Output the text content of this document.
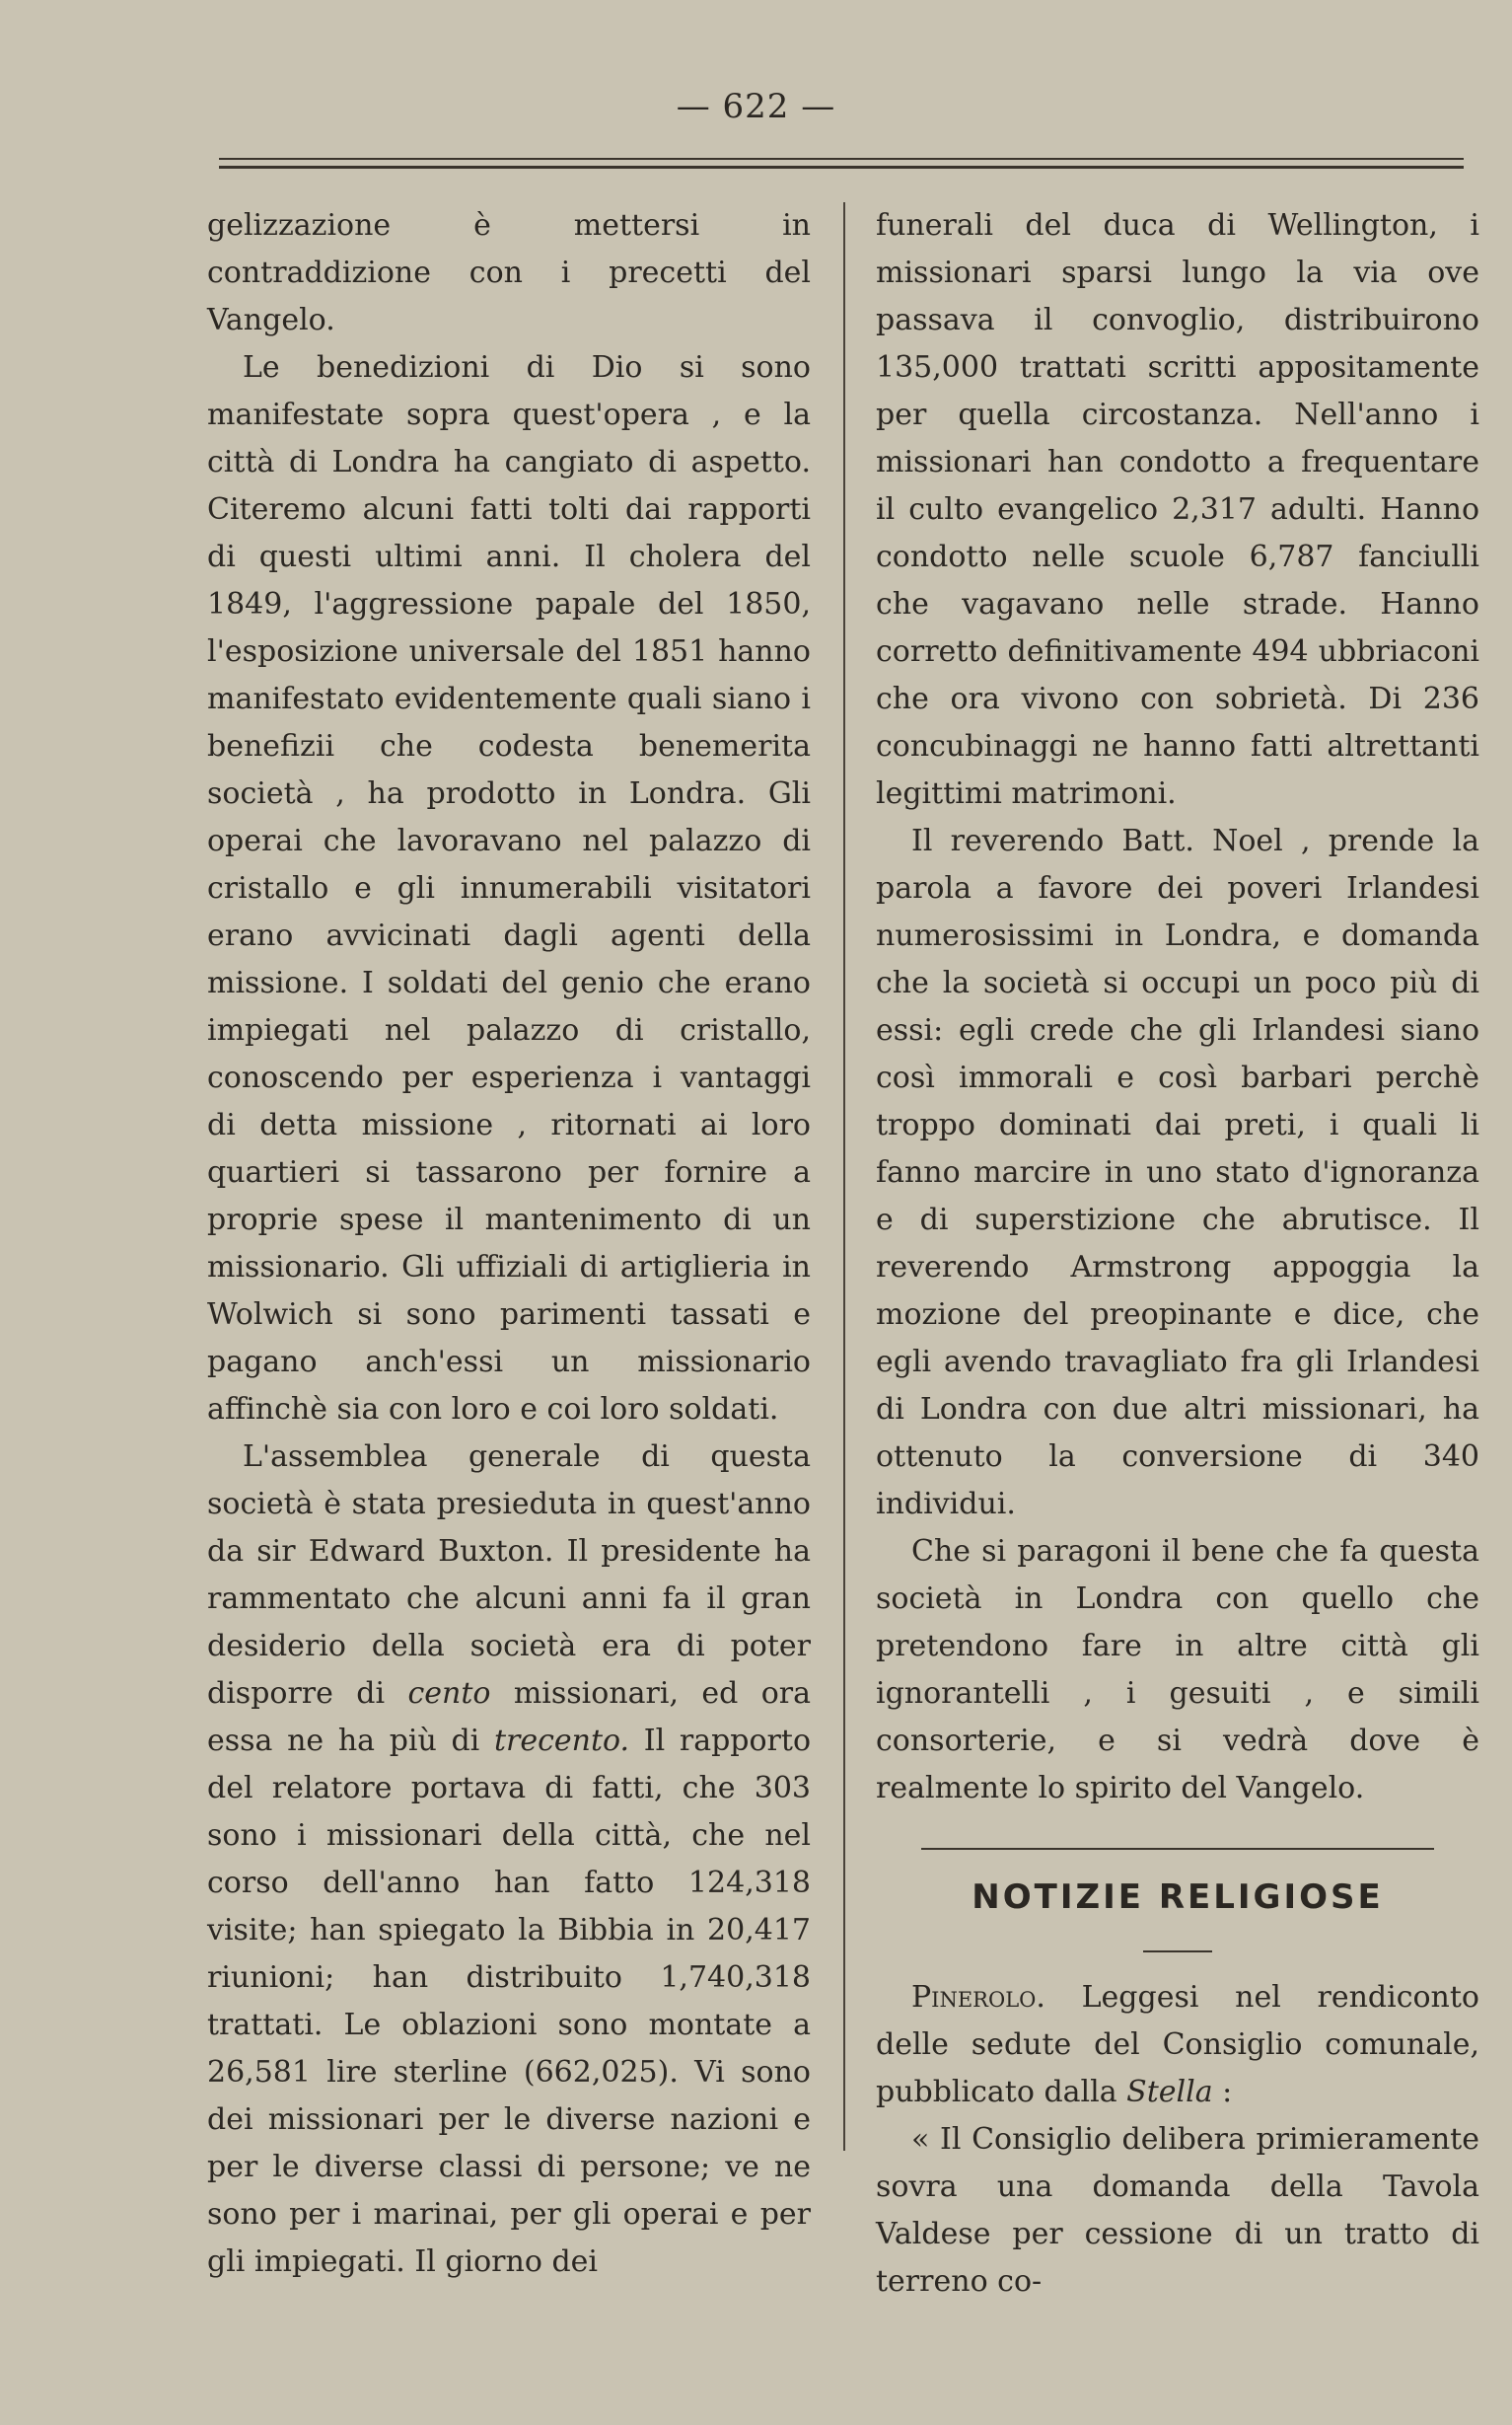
— 622 —

gelizzazione è mettersi in contraddizione con i precetti del Vangelo.

Le benedizioni di Dio si sono manifestate sopra quest'opera , e la città di Londra ha cangiato di aspetto. Citeremo alcuni fatti tolti dai rapporti di questi ultimi anni. Il cholera del 1849, l'aggressione papale del 1850, l'esposizione universale del 1851 hanno manifestato evidentemente quali siano i benefizii che codesta benemerita società , ha prodotto in Londra. Gli operai che lavoravano nel palazzo di cristallo e gli innumerabili visitatori erano avvicinati dagli agenti della missione. I soldati del genio che erano impiegati nel palazzo di cristallo, conoscendo per esperienza i vantaggi di detta missione , ritornati ai loro quartieri si tassarono per fornire a proprie spese il mantenimento di un missionario. Gli uffiziali di artiglieria in Wolwich si sono parimenti tassati e pagano anch'essi un missionario affinchè sia con loro e coi loro soldati.

L'assemblea generale di questa società è stata presieduta in quest'anno da sir Edward Buxton. Il presidente ha rammentato che alcuni anni fa il gran desiderio della società era di poter disporre di cento missionari, ed ora essa ne ha più di trecento. Il rapporto del relatore portava di fatti, che 303 sono i missionari della città, che nel corso dell'anno han fatto 124,318 visite; han spiegato la Bibbia in 20,417 riunioni; han distribuito 1,740,318 trattati. Le oblazioni sono montate a 26,581 lire sterline (662,025). Vi sono dei missionari per le diverse nazioni e per le diverse classi di persone; ve ne sono per i marinai, per gli operai e per gli impiegati. Il giorno dei

funerali del duca di Wellington, i missionari sparsi lungo la via ove passava il convoglio, distribuirono 135,000 trattati scritti appositamente per quella circostanza. Nell'anno i missionari han condotto a frequentare il culto evangelico 2,317 adulti. Hanno condotto nelle scuole 6,787 fanciulli che vagavano nelle strade. Hanno corretto definitivamente 494 ubbriaconi che ora vivono con sobrietà. Di 236 concubinaggi ne hanno fatti altrettanti legittimi matrimoni.

Il reverendo Batt. Noel , prende la parola a favore dei poveri Irlandesi numerosissimi in Londra, e domanda che la società si occupi un poco più di essi: egli crede che gli Irlandesi siano così immorali e così barbari perchè troppo dominati dai preti, i quali li fanno marcire in uno stato d'ignoranza e di superstizione che abrutisce. Il reverendo Armstrong appoggia la mozione del preopinante e dice, che egli avendo travagliato fra gli Irlandesi di Londra con due altri missionari, ha ottenuto la conversione di 340 individui.

Che si paragoni il bene che fa questa società in Londra con quello che pretendono fare in altre città gli ignorantelli , i gesuiti , e simili consorterie, e si vedrà dove è realmente lo spirito del Vangelo.

NOTIZIE RELIGIOSE

Pinerolo. Leggesi nel rendiconto delle sedute del Consiglio comunale, pubblicato dalla Stella :

« Il Consiglio delibera primieramente sovra una domanda della Tavola Valdese per cessione di un tratto di terreno co-
